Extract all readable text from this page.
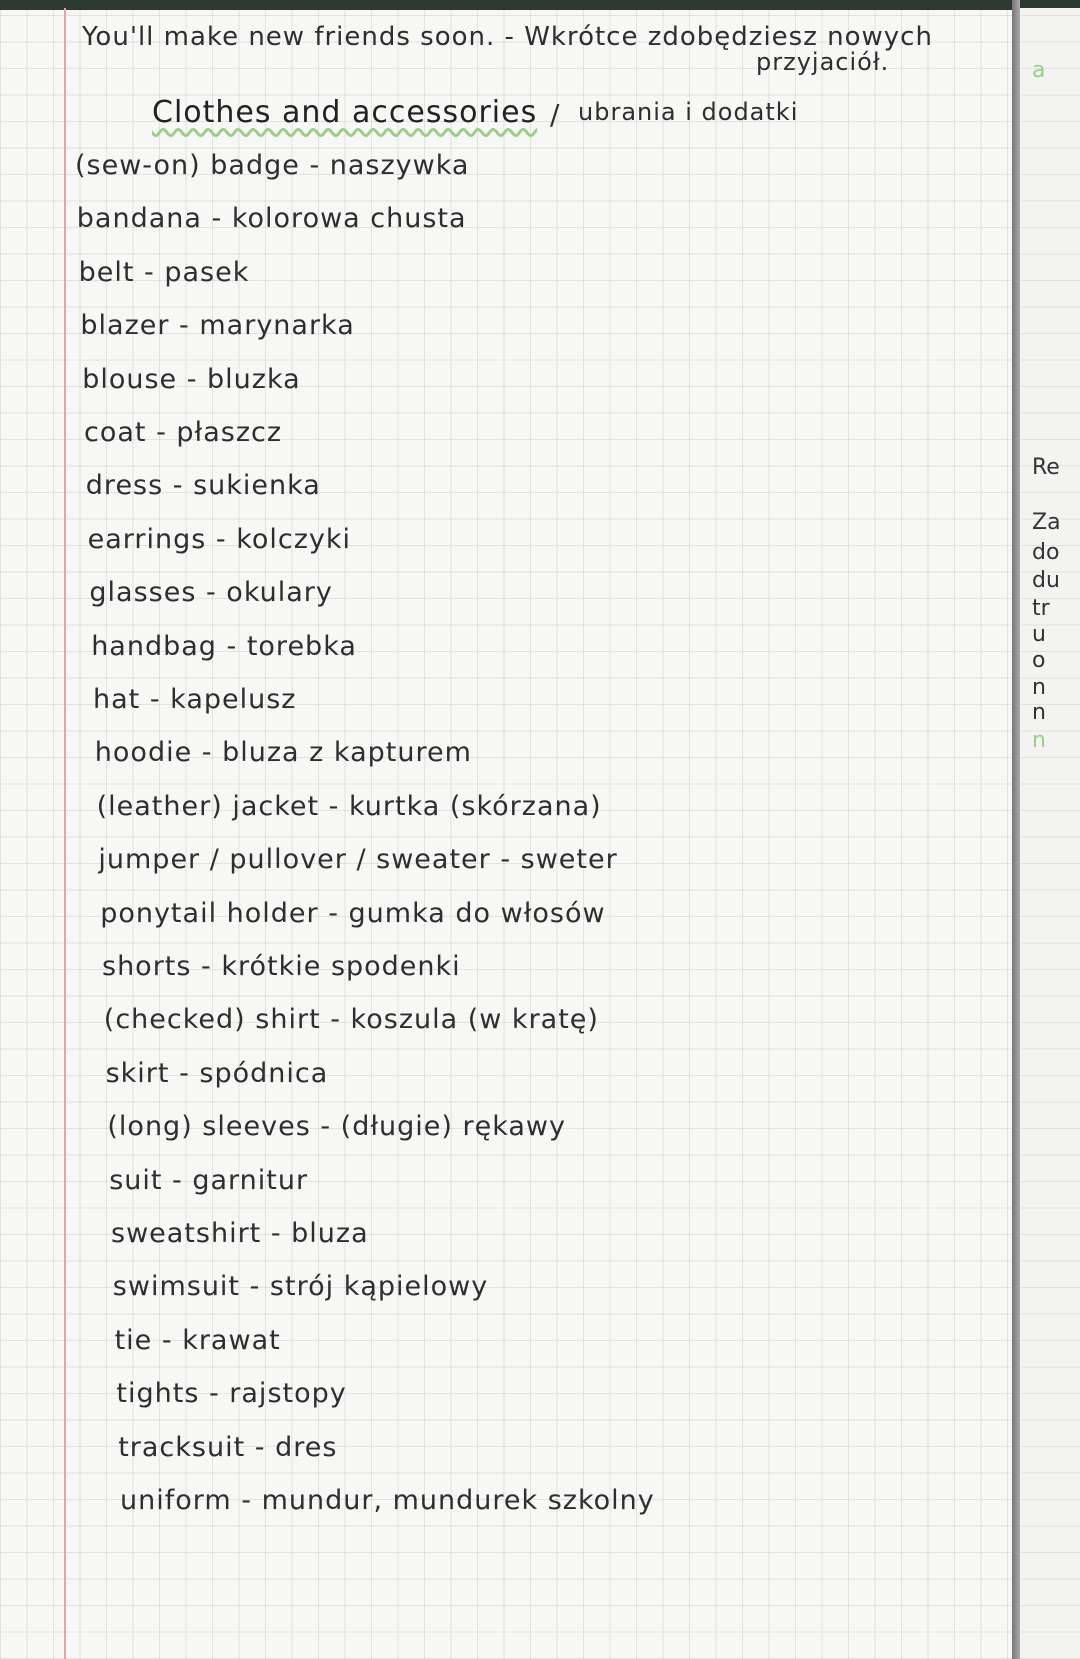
You'll make new friends soon. - Wkrótce zdobędziesz nowych
przyjaciół.
Clothes and accessories / ubrania i dodatki
(sew-on) badge - naszywka
bandana - kolorowa chusta
belt - pasek
blazer - marynarka
blouse - bluzka
coat - płaszcz
dress - sukienka
earrings - kolczyki
glasses - okulary
handbag - torebka
hat - kapelusz
hoodie - bluza z kapturem
(leather) jacket - kurtka (skórzana)
jumper / pullover / sweater - sweter
ponytail holder - gumka do włosów
shorts - krótkie spodenki
(checked) shirt - koszula (w kratę)
skirt - spódnica
(long) sleeves - (długie) rękawy
suit - garnitur
sweatshirt - bluza
swimsuit - strój kąpielowy
tie - krawat
tights - rajstopy
tracksuit - dres
uniform - mundur, mundurek szkolny
a
Re
Za
do
du
tr
u
o
n
n
n
